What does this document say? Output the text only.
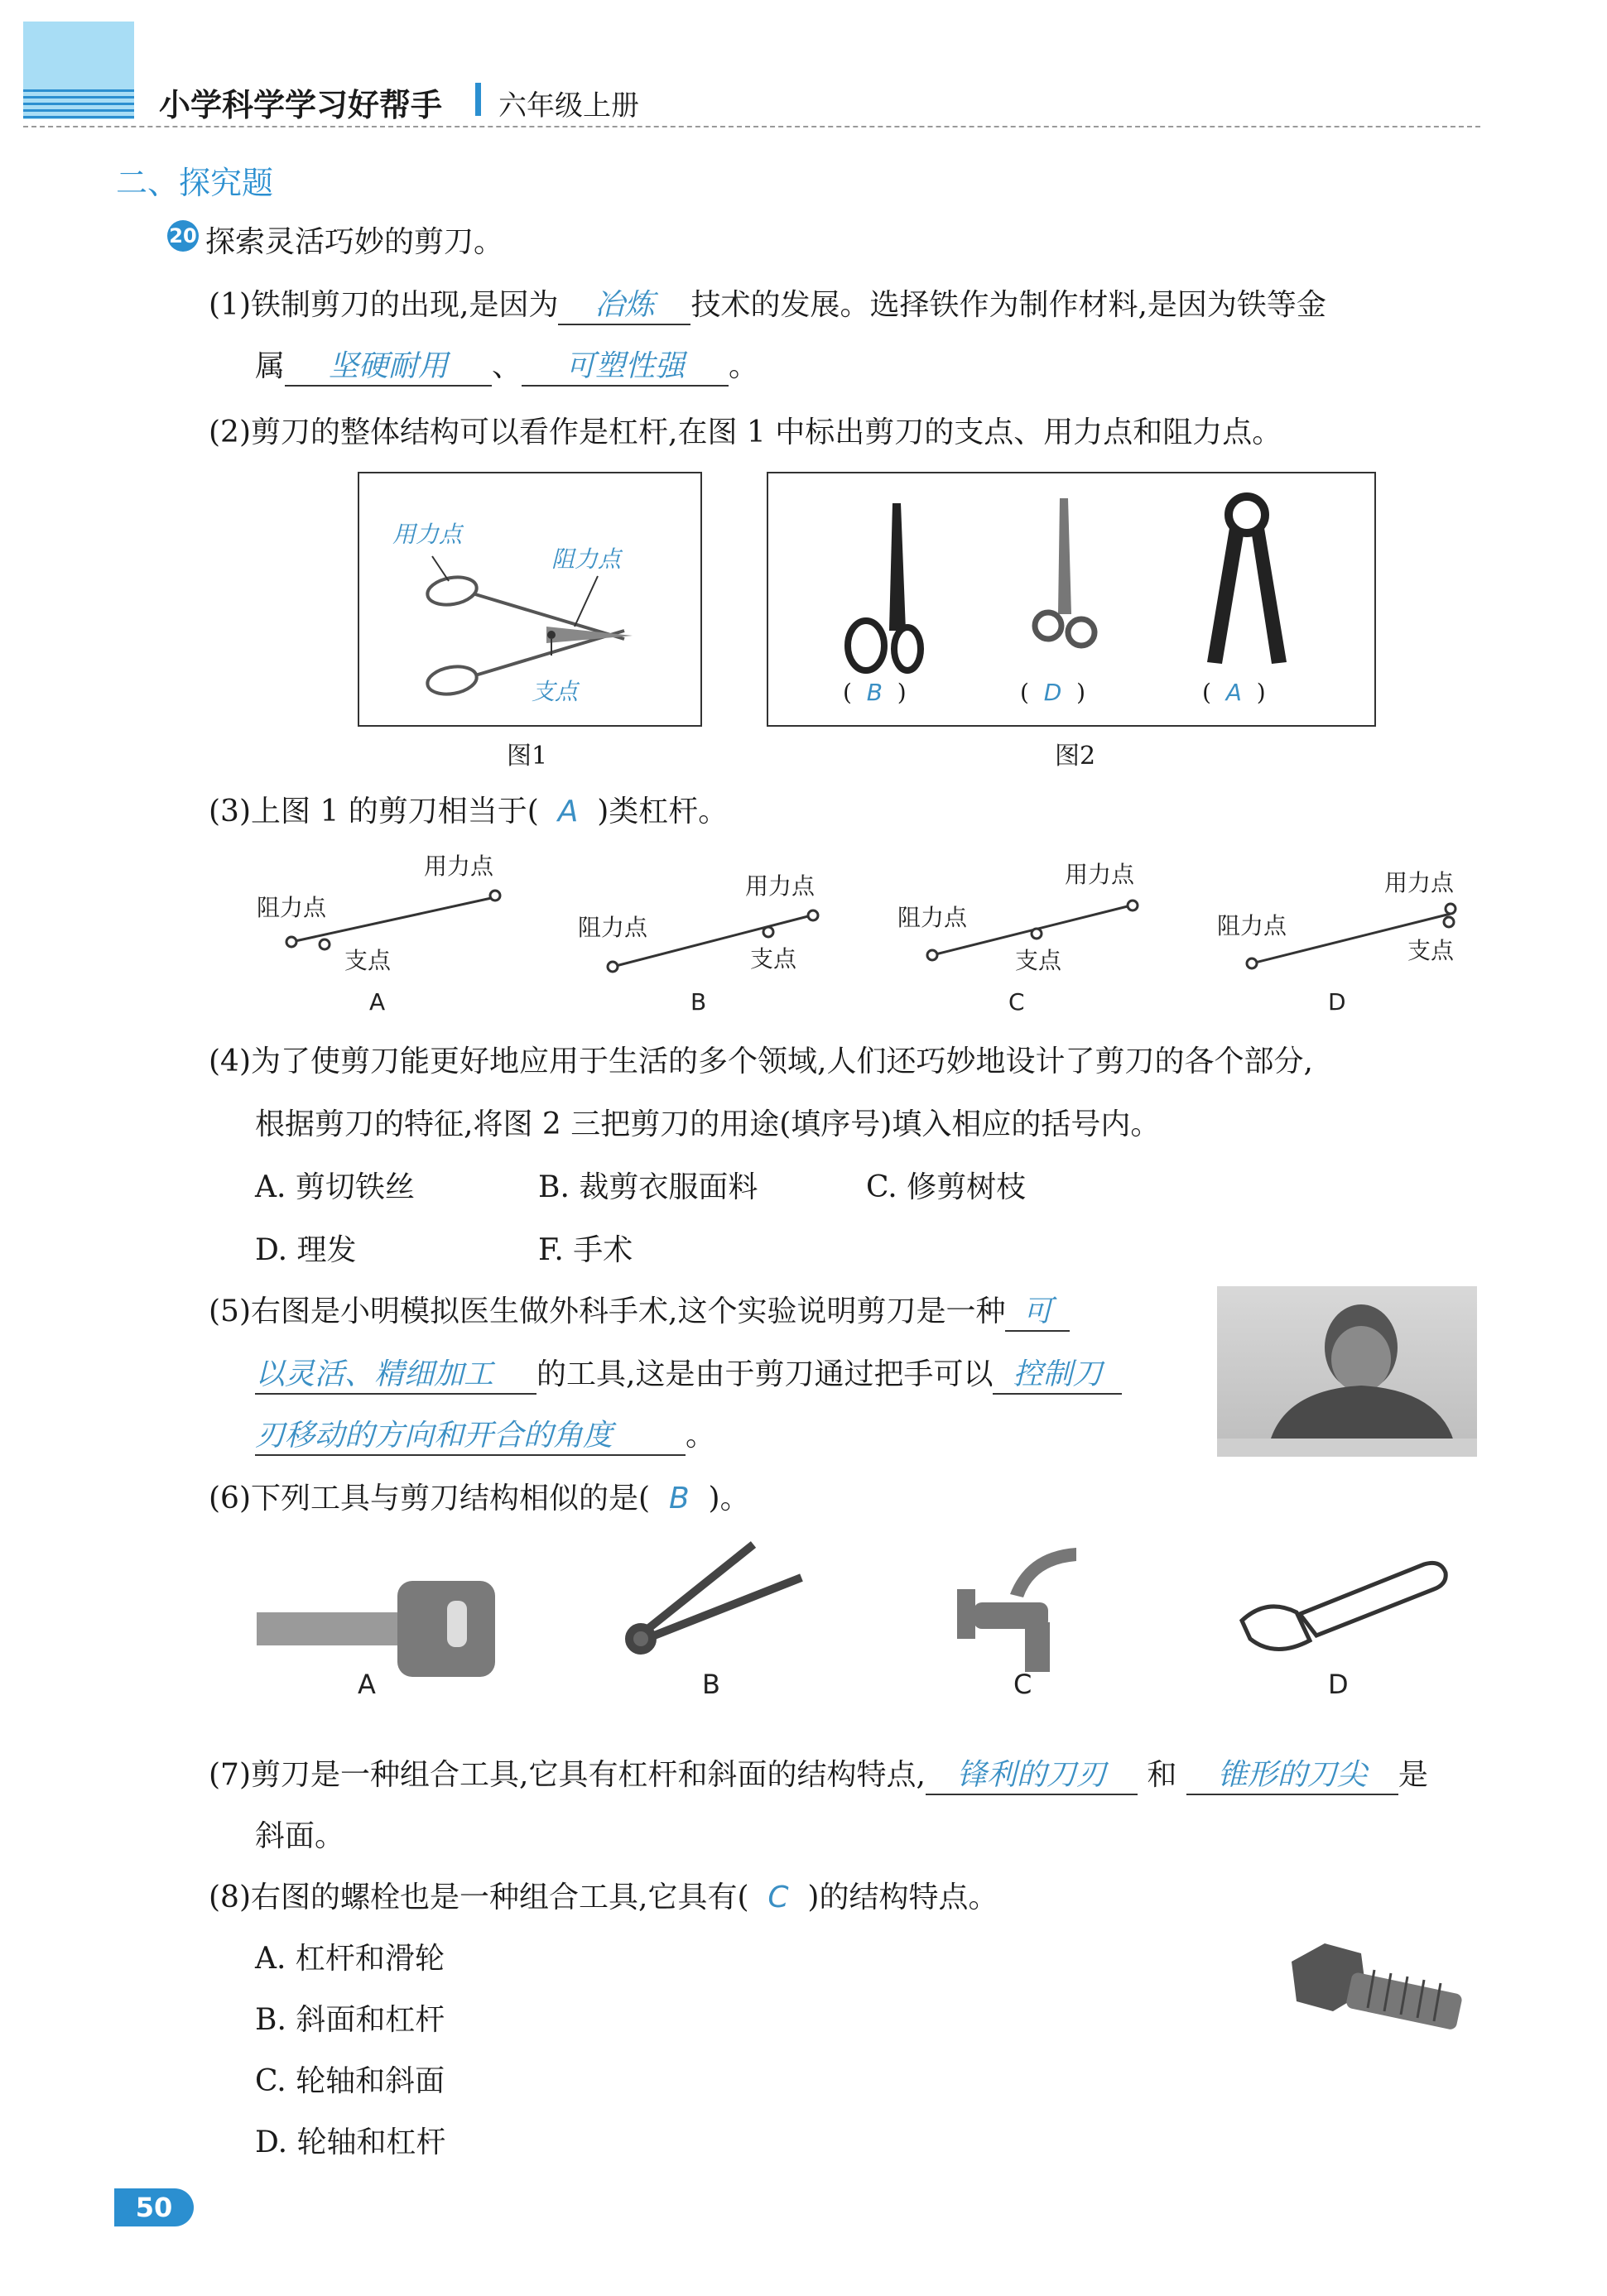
小学科学学习好帮手 六年级上册
二、探究题
20 探索灵活巧妙的剪刀。
(1)铁制剪刀的出现,是因为 冶炼 技术的发展。选择铁作为制作材料,是因为铁等金
属 坚硬耐用 、 可塑性强 。
(2)剪刀的整体结构可以看作是杠杆,在图 1 中标出剪刀的支点、用力点和阻力点。
用力点
阻力点
支点
图1
(  B  )	(  D  )	(  A  )
图2
(3)上图 1 的剪刀相当于( A )类杠杆。
用力点
阻力点
支点
A
用力点
阻力点
支点
B
用力点
阻力点
支点
C
用力点
阻力点
支点
D
(4)为了使剪刀能更好地应用于生活的多个领域,人们还巧妙地设计了剪刀的各个部分,
根据剪刀的特征,将图 2 三把剪刀的用途(填序号)填入相应的括号内。
A. 剪切铁丝	B. 裁剪衣服面料	C. 修剪树枝
D. 理发	F. 手术
(5)右图是小明模拟医生做外科手术,这个实验说明剪刀是一种 可
以灵活、精细加工 的工具,这是由于剪刀通过把手可以 控制刀
刃移动的方向和开合的角度 。
(6)下列工具与剪刀结构相似的是( B )。
A	B	C	D
(7)剪刀是一种组合工具,它具有杠杆和斜面的结构特点, 锋利的刀刃 和 锥形的刀尖 是
斜面。
(8)右图的螺栓也是一种组合工具,它具有( C )的结构特点。
A. 杠杆和滑轮
B. 斜面和杠杆
C. 轮轴和斜面
D. 轮轴和杠杆
50
